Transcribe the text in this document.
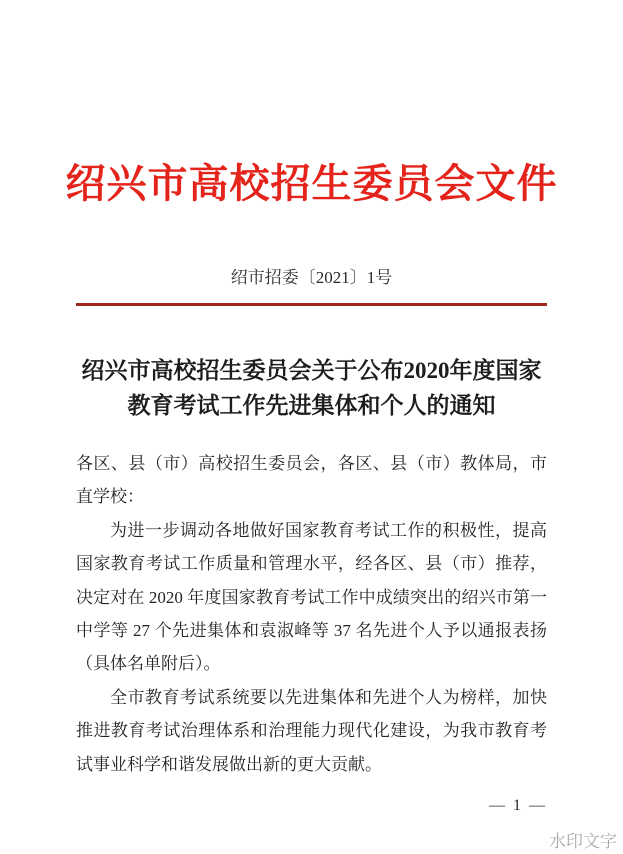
绍兴市高校招生委员会文件
绍市招委〔2021〕1号
绍兴市高校招生委员会关于公布2020年度国家
教育考试工作先进集体和个人的通知

各区、县（市）高校招生委员会，各区、县（市）教体局，市直学校：

为进一步调动各地做好国家教育考试工作的积极性，提高国家教育考试工作质量和管理水平，经各区、县（市）推荐，决定对在 2020 年度国家教育考试工作中成绩突出的绍兴市第一中学等 27 个先进集体和袁淑峰等 37 名先进个人予以通报表扬（具体名单附后）。

全市教育考试系统要以先进集体和先进个人为榜样，加快推进教育考试治理体系和治理能力现代化建设，为我市教育考试事业科学和谐发展做出新的更大贡献。

— 1 —
水印文字
